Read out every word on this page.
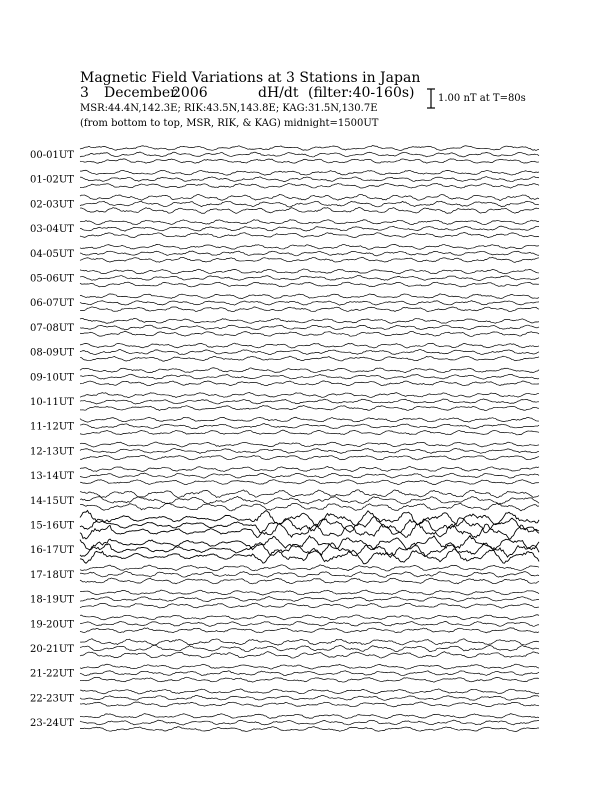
Magnetic Field Variations at 3 Stations in Japan
3 December
2006	dH/dt (filter:40-160s)
MSR:44.4N,142.3E; RIK:43.5N,143.8E; KAG:31.5N,130.7E
(from bottom to top, MSR, RIK, & KAG) midnight=1500UT
1.00 nT at T=80s
00-01UT
01-02UT
02-03UT
03-04UT
04-05UT
05-06UT
06-07UT
07-08UT
08-09UT
09-10UT
10-11UT
11-12UT
12-13UT
13-14UT
14-15UT
15-16UT
16-17UT
17-18UT
18-19UT
19-20UT
20-21UT
21-22UT
22-23UT
23-24UT
